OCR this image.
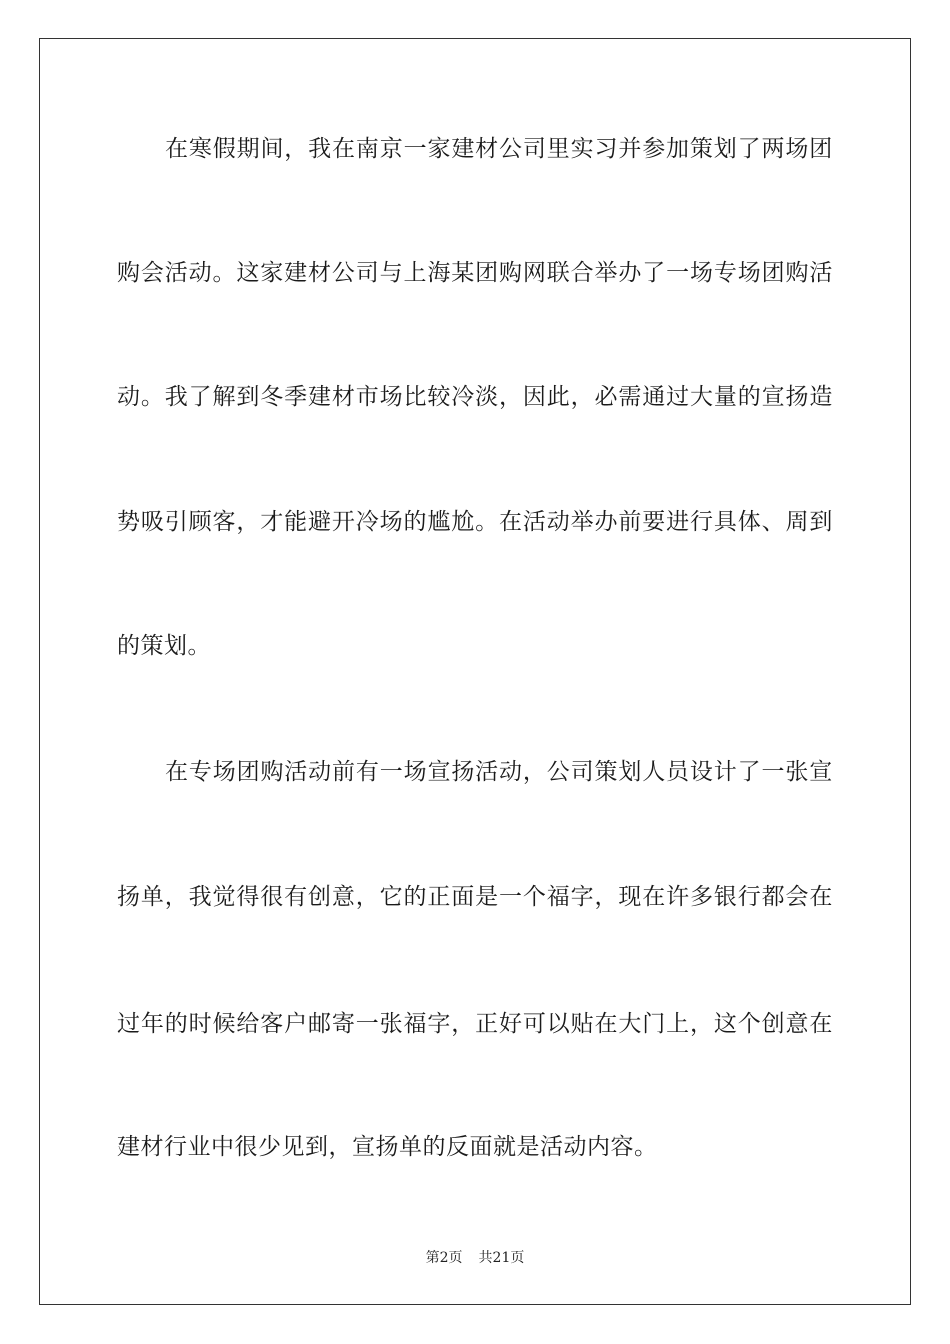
在 寒 假 期 间 ， 我 在 南 京 一 家 建 材 公 司 里 实 习 并 参 加 策 划 了 两 场 团
购 会 活 动 。 这 家 建 材 公 司 与 上 海 某 团 购 网 联 合 举 办 了 一 场 专 场 团 购 活
动 。 我 了 解 到 冬 季 建 材 市 场 比 较 冷 淡 ， 因 此 ， 必 需 通 过 大 量 的 宣 扬 造
势 吸 引 顾 客 ， 才 能 避 开 冷 场 的 尴 尬 。 在 活 动 举 办 前 要 进 行 具 体 、 周 到
的策划。
在 专 场 团 购 活 动 前 有 一 场 宣 扬 活 动 ， 公 司 策 划 人 员 设 计 了 一 张 宣
扬 单 ， 我 觉 得 很 有 创 意 ， 它 的 正 面 是 一 个 福 字 ， 现 在 许 多 银 行 都 会 在
过 年 的 时 候 给 客 户 邮 寄 一 张 福 字 ， 正 好 可 以 贴 在 大 门 上 ， 这 个 创 意 在
建材行业中很少见到，宣扬单的反面就是活动内容。
第2页 共21页
